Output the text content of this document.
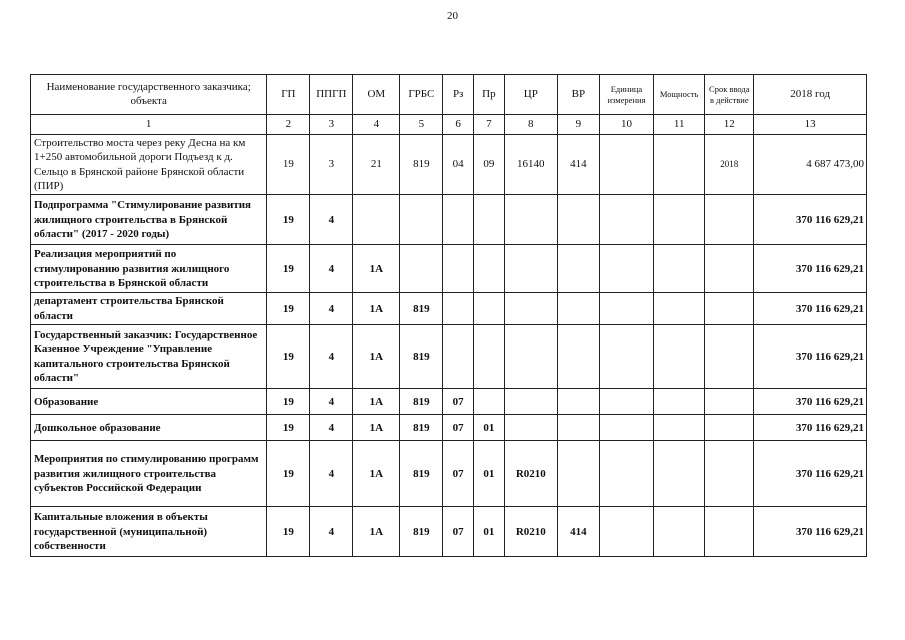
20
Наименование государственного заказчика; объекта	ГП	ППГП	ОМ	ГРБС	Рз	Пр	ЦР	ВР	Единица измерения	Мощность	Срок ввода в действие	2018 год
1	2	3	4	5	6	7	8	9	10	11	12	13
Строительство моста через реку Десна на км 1+250 автомобильной дороги Подъезд к д. Сельцо в Брянской районе Брянской области (ПИР)	19	3	21	819	04	09	16140	414			2018	4 687 473,00
Подпрограмма "Стимулирование развития жилищного строительства в Брянской области" (2017 - 2020 годы)	19	4										370 116 629,21
Реализация мероприятий по стимулированию развития жилищного строительства в Брянской области	19	4	1А									370 116 629,21
департамент строительства Брянской области	19	4	1А	819								370 116 629,21
Государственный заказчик: Государственное Казенное Учреждение "Управление капитального строительства Брянской области"	19	4	1А	819								370 116 629,21
Образование	19	4	1А	819	07							370 116 629,21
Дошкольное образование	19	4	1А	819	07	01						370 116 629,21
Мероприятия по стимулированию программ развития жилищного строительства субъектов Российской Федерации	19	4	1А	819	07	01	R0210					370 116 629,21
Капитальные вложения в объекты государственной (муниципальной) собственности	19	4	1А	819	07	01	R0210	414				370 116 629,21
